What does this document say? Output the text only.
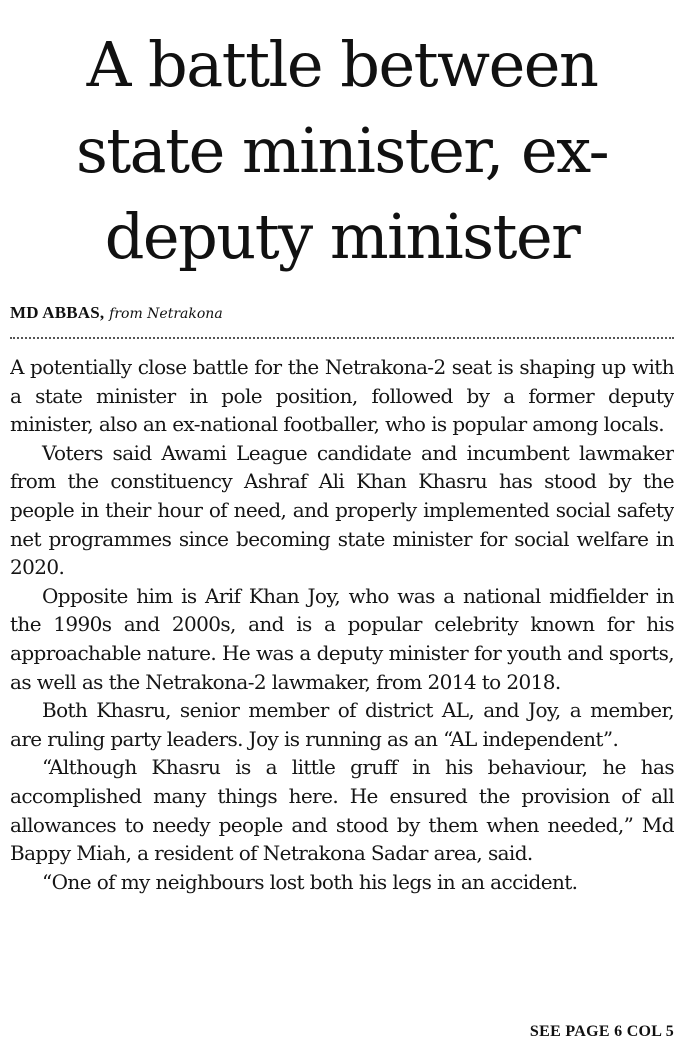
A battle between state minister, ex-deputy minister
MD ABBAS, from Netrakona

A potentially close battle for the Netrakona-2 seat is shaping up with a state minister in pole position, followed by a former deputy minister, also an ex-national footballer, who is popular among locals.

Voters said Awami League candidate and incumbent lawmaker from the constituency Ashraf Ali Khan Khasru has stood by the people in their hour of need, and properly implemented social safety net programmes since becoming state minister for social welfare in 2020.

Opposite him is Arif Khan Joy, who was a national midfielder in the 1990s and 2000s, and is a popular celebrity known for his approachable nature. He was a deputy minister for youth and sports, as well as the Netrakona-2 lawmaker, from 2014 to 2018.

Both Khasru, senior member of district AL, and Joy, a member, are ruling party leaders. Joy is running as an “AL independent”.

“Although Khasru is a little gruff in his behaviour, he has accomplished many things here. He ensured the provision of all allowances to needy people and stood by them when needed,” Md Bappy Miah, a resident of Netrakona Sadar area, said.

“One of my neighbours lost both his legs in an accident.

SEE PAGE 6 COL 5
